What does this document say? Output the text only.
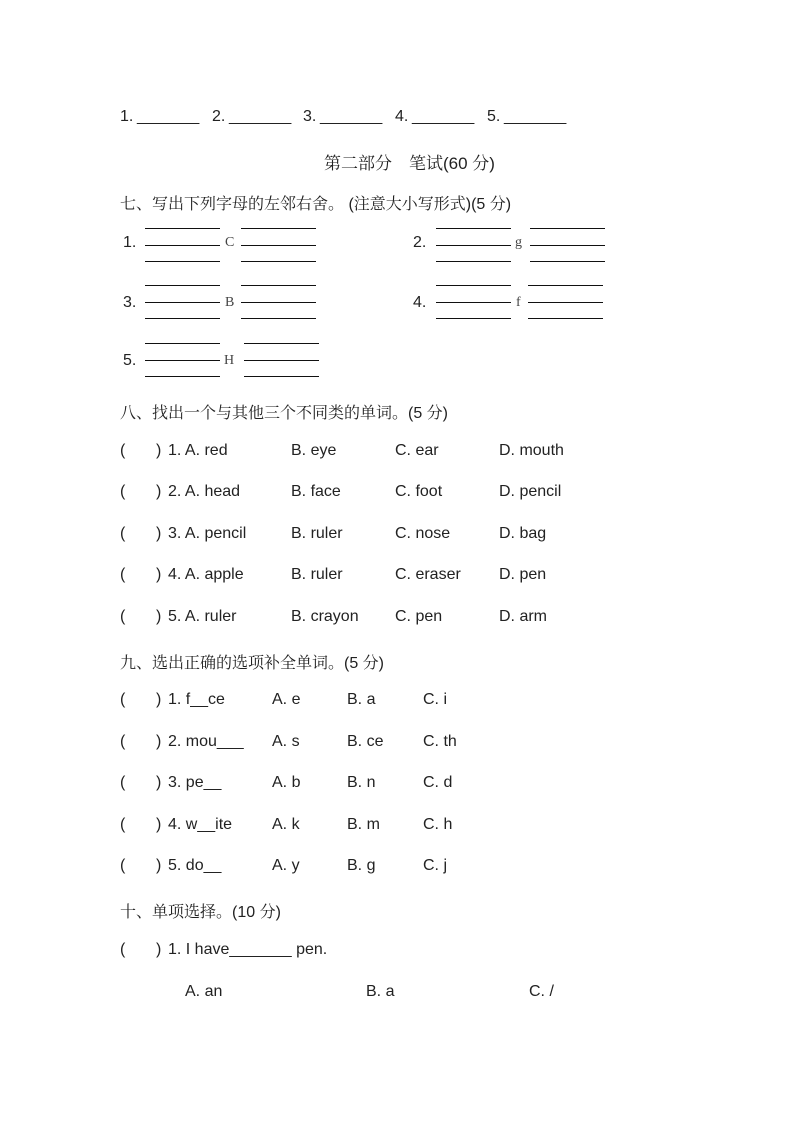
1. _______ 2. _______ 3. _______ 4. _______ 5. _______
第二部分　笔试(60 分)
七、写出下列字母的左邻右舍。 (注意大小写形式)(5 分)
1.	C	2.	g
3.	B	4.	f
5.	H
八、找出一个与其他三个不同类的单词。(5 分)
( ) 1. A. red	B. eye	C. ear	D. mouth
( ) 2. A. head	B. face	C. foot	D. pencil
( ) 3. A. pencil	B. ruler	C. nose	D. bag
( ) 4. A. apple	B. ruler	C. eraser D. pen
( ) 5. A. ruler	B. crayon C. pen	D. arm
九、选出正确的选项补全单词。(5 分)
( ) 1. f__ce	A. e	B. a	C. i
( ) 2. mou___ A. s	B. ce C. th
( ) 3. pe__	A. b	B. n	C. d
( ) 4. w__ite A. k	B. m	C. h
( ) 5. do__	A. y	B. g	C. j
十、单项选择。(10 分)
( ) 1. I have_______ pen.
A. an	B. a	C. /
